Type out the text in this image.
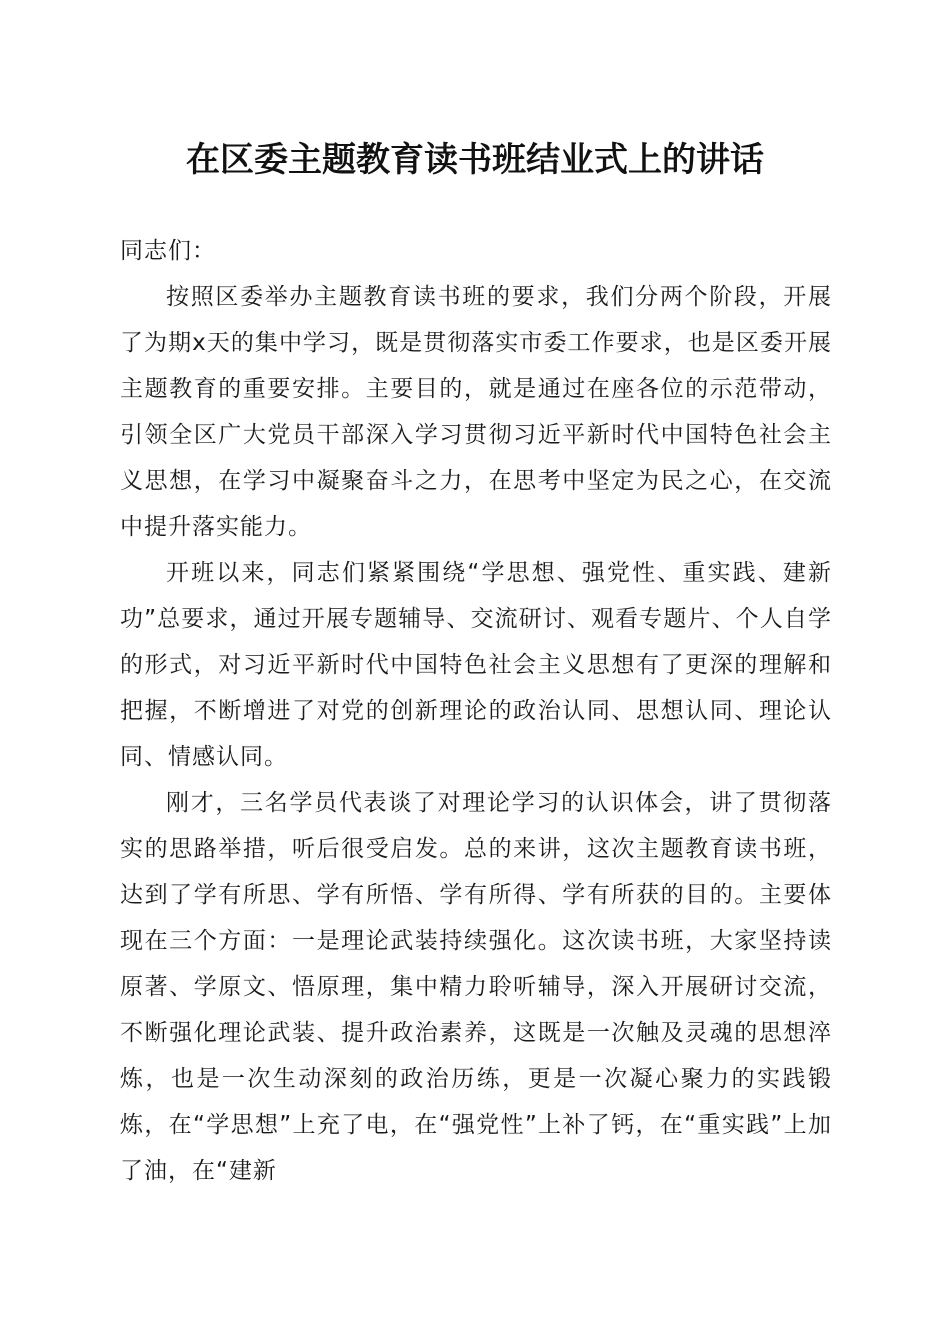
在区委主题教育读书班结业式上的讲话

同志们：

按照区委举办主题教育读书班的要求，我们分两个阶段，开展了为期x天的集中学习，既是贯彻落实市委工作要求，也是区委开展主题教育的重要安排。主要目的，就是通过在座各位的示范带动，引领全区广大党员干部深入学习贯彻习近平新时代中国特色社会主义思想，在学习中凝聚奋斗之力，在思考中坚定为民之心，在交流中提升落实能力。

开班以来，同志们紧紧围绕“学思想、强党性、重实践、建新功”总要求，通过开展专题辅导、交流研讨、观看专题片、个人自学的形式，对习近平新时代中国特色社会主义思想有了更深的理解和把握，不断增进了对党的创新理论的政治认同、思想认同、理论认同、情感认同。

刚才，三名学员代表谈了对理论学习的认识体会，讲了贯彻落实的思路举措，听后很受启发。总的来讲，这次主题教育读书班，达到了学有所思、学有所悟、学有所得、学有所获的目的。主要体现在三个方面：一是理论武装持续强化。这次读书班，大家坚持读原著、学原文、悟原理，集中精力聆听辅导，深入开展研讨交流，不断强化理论武装、提升政治素养，这既是一次触及灵魂的思想淬炼，也是一次生动深刻的政治历练，更是一次凝心聚力的实践锻炼，在“学思想”上充了电，在“强党性”上补了钙，在“重实践”上加了油，在“建新
